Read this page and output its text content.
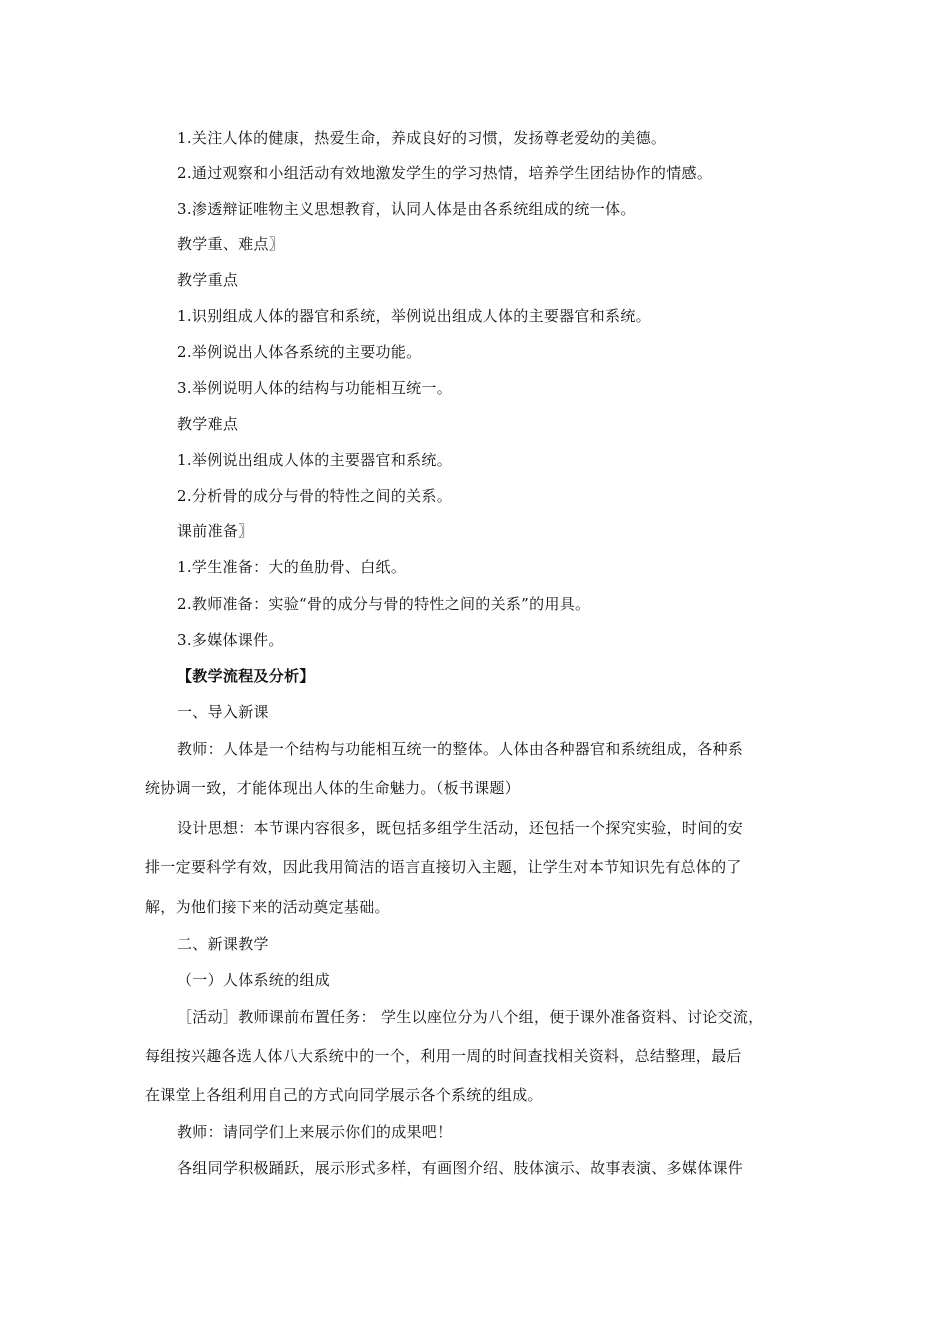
1.关注人体的健康，热爱生命，养成良好的习惯，发扬尊老爱幼的美德。
2.通过观察和小组活动有效地激发学生的学习热情，培养学生团结协作的情感。
3.渗透辩证唯物主义思想教育，认同人体是由各系统组成的统一体。
教学重、难点〗
教学重点
1.识别组成人体的器官和系统，举例说出组成人体的主要器官和系统。
2.举例说出人体各系统的主要功能。
3.举例说明人体的结构与功能相互统一。
教学难点
1.举例说出组成人体的主要器官和系统。
2.分析骨的成分与骨的特性之间的关系。
课前准备〗
1.学生准备：大的鱼肋骨、白纸。
2.教师准备：实验“骨的成分与骨的特性之间的关系”的用具。
3.多媒体课件。
【教学流程及分析】
一、导入新课
教师：人体是一个结构与功能相互统一的整体。人体由各种器官和系统组成，各种系
统协调一致，才能体现出人体的生命魅力。（板书课题）
设计思想：本节课内容很多，既包括多组学生活动，还包括一个探究实验，时间的安
排一定要科学有效，因此我用简洁的语言直接切入主题，让学生对本节知识先有总体的了
解，为他们接下来的活动奠定基础。
二、新课教学
（一）人体系统的组成
［活动］教师课前布置任务： 学生以座位分为八个组，便于课外准备资料、讨论交流，
每组按兴趣各选人体八大系统中的一个，利用一周的时间查找相关资料，总结整理，最后
在课堂上各组利用自己的方式向同学展示各个系统的组成。
教师：请同学们上来展示你们的成果吧！
各组同学积极踊跃，展示形式多样，有画图介绍、肢体演示、故事表演、多媒体课件
